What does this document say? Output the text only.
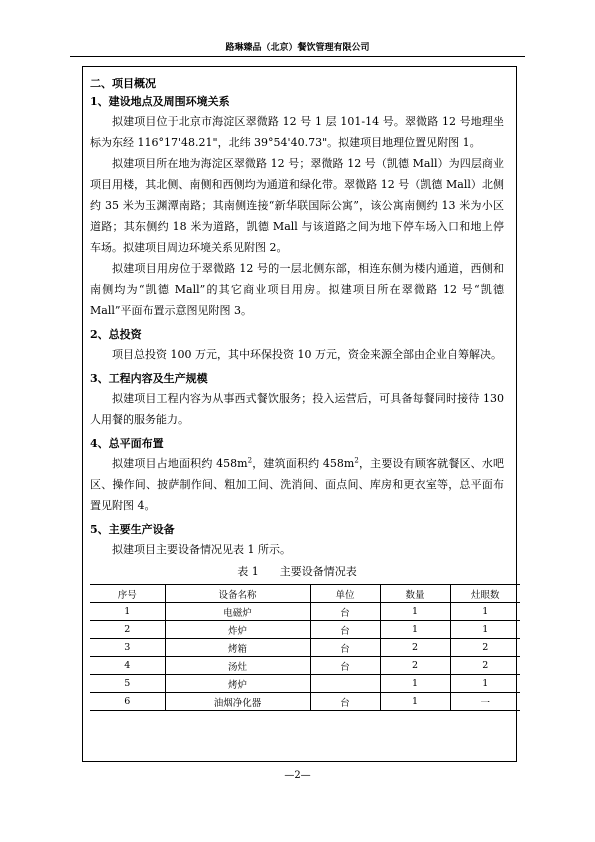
路琳臻品（北京）餐饮管理有限公司
二、项目概况
1、建设地点及周围环境关系

拟建项目位于北京市海淀区翠微路 12 号 1 层 101-14 号。翠微路 12 号地理坐标为东经 116°17'48.21"，北纬 39°54'40.73"。拟建项目地理位置见附图 1。

拟建项目所在地为海淀区翠微路 12 号；翠微路 12 号（凯德 Mall）为四层商业项目用楼，其北侧、南侧和西侧均为通道和绿化带。翠微路 12 号（凯德 Mall）北侧约 35 米为玉渊潭南路；其南侧连接“新华联国际公寓”，该公寓南侧约 13 米为小区道路；其东侧约 18 米为道路，凯德 Mall 与该道路之间为地下停车场入口和地上停车场。拟建项目周边环境关系见附图 2。

拟建项目用房位于翠微路 12 号的一层北侧东部，相连东侧为楼内通道，西侧和南侧均为“凯德 Mall”的其它商业项目用房。拟建项目所在翠微路 12 号“凯德 Mall”平面布置示意图见附图 3。

2、总投资

项目总投资 100 万元，其中环保投资 10 万元，资金来源全部由企业自筹解决。

3、工程内容及生产规模

拟建项目工程内容为从事西式餐饮服务；投入运营后，可具备每餐同时接待 130 人用餐的服务能力。

4、总平面布置

拟建项目占地面积约 $458m^2$，建筑面积约 $458m^2$，主要设有顾客就餐区、水吧区、操作间、披萨制作间、粗加工间、洗消间、面点间、库房和更衣室等，总平面布置见附图 4。

5、主要生产设备

拟建项目主要设备情况见表 1 所示。

表 1      主要设备情况表
序号	设备名称	单位	数量	灶眼数
1	电磁炉	台	1	1
2	炸炉	台	1	1
3	烤箱	台	2	2
4	汤灶	台	2	2
5	烤炉		1	1
6	油烟净化器	台	1	一
—2—
